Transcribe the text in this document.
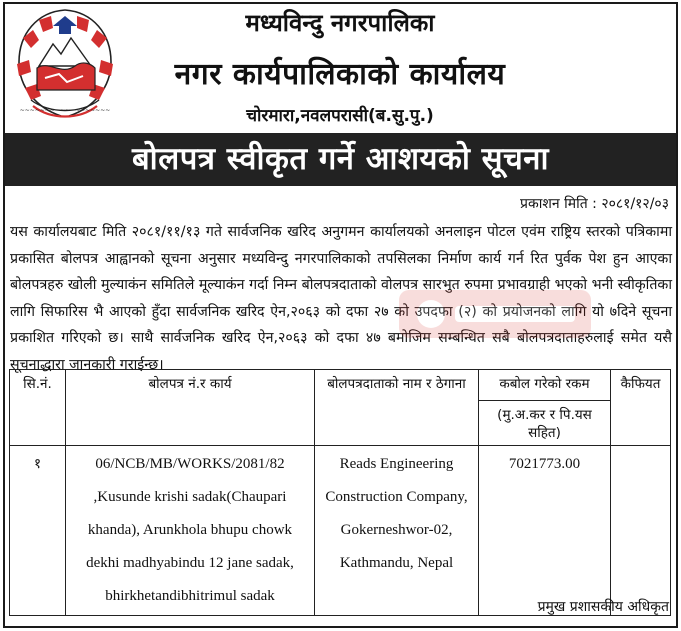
~~~~~~~~~~~~~~~~~~
मध्यविन्दु नगरपालिका
नगर कार्यपालिकाको कार्यालय
चोरमारा,नवलपरासी(ब.सु.पु.)
बोलपत्र स्वीकृत गर्ने आशयको सूचना
प्रकाशन मिति : २०८१/१२/०३
यस कार्यालयबाट मिति २०८१/११/१३ गते सार्वजनिक खरिद अनुगमन कार्यालयको अनलाइन पोटल एवंम राष्ट्रिय स्तरको पत्रिकामा प्रकासित बोलपत्र आह्वानको सूचना अनुसार मध्यविन्दु नगरपालिकाको तपसिलका निर्माण कार्य गर्न रित पुर्वक पेश हुन आएका बोलपत्रहरु खोली मुल्याकंन समितिले मूल्याकंन गर्दा निम्न बोलपत्रदाताको वोलपत्र सारभुत रुपमा प्रभावग्राही भएको भनी स्वीकृतिका लागि सिफारिस भै आएको हुँदा सार्वजनिक खरिद ऐन,२०६३ को दफा २७ को उपदफा (२) को प्रयोजनको लागि यो ७दिने सूचना प्रकाशित गरिएको छ। साथै सार्वजनिक खरिद ऐन,२०६३ को दफा ४७ बमोजिम सम्बन्धित सबै बोलपत्रदाताहरुलाई समेत यसै सूचनाद्धारा जानकारी गराईन्छ।
सि.नं.	बोलपत्र नं.र कार्य	बोलपत्रदाताको नाम र ठेगाना	कबोल गरेको रकम	कैफियत
			(मु.अ.कर र पि.यस सहित)	
१	06/NCB/MB/WORKS/2081/82 ,Kusunde krishi sadak(Chaupari khanda), Arunkhola bhupu chowk dekhi madhyabindu 12 jane sadak, bhirkhetandibhitrimul sadak	Reads Engineering Construction Company, Gokerneshwor-02, Kathmandu, Nepal	7021773.00	
प्रमुख प्रशासकीय अधिकृत
